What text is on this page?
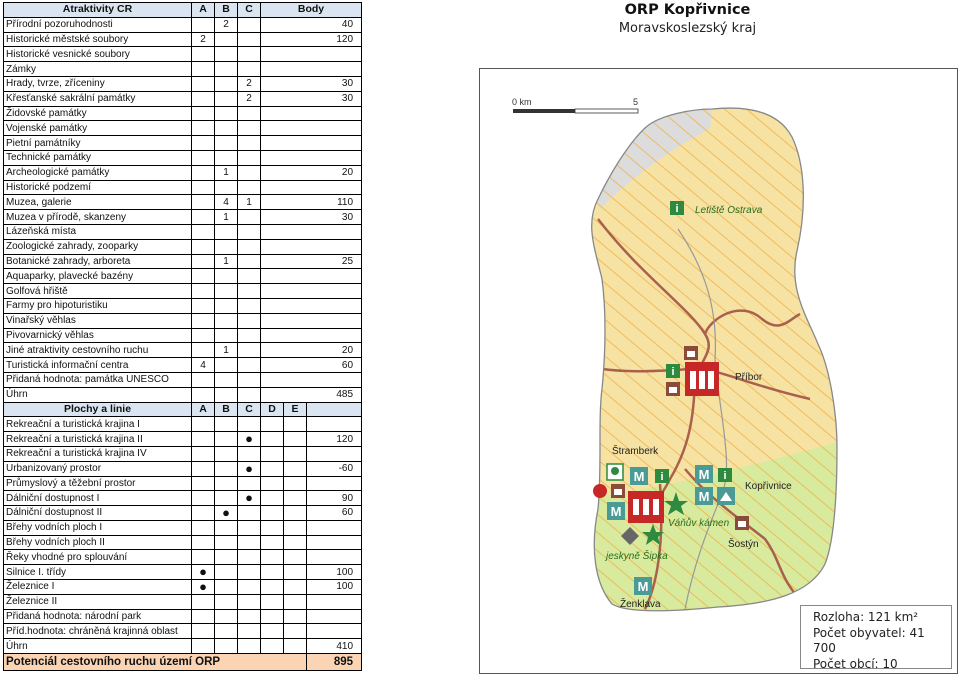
Atraktivity CR	A	B	C	Body		
Přírodní pozoruhodnosti		2		40		
Historické městské soubory	2			120		
Historické vesnické soubory						
Zámky						
Hrady, tvrze, zříceniny			2	30		
Křesťanské sakrální památky			2	30		
Židovské památky						
Vojenské památky						
Pietní památníky						
Technické památky						
Archeologické památky		1		20		
Historické podzemí						
Muzea, galerie		4	1	110		
Muzea v přírodě, skanzeny		1		30		
Lázeňská místa						
Zoologické zahrady, zooparky						
Botanické zahrady, arboreta		1		25		
Aquaparky, plavecké bazény						
Golfová hřiště						
Farmy pro hipoturistiku						
Vinařský věhlas						
Pivovarnický věhlas						
Jiné atraktivity cestovního ruchu		1		20		
Turistická informační centra	4			60		
Přidaná hodnota: památka UNESCO						
Úhrn				485		
Plochy a linie	A	B	C	D	E	
Rekreační a turistická krajina I						
Rekreační a turistická krajina II			●			120
Rekreační a turistická krajina IV						
Urbanizovaný prostor			●			-60
Průmyslový a těžební prostor						
Dálniční dostupnost I			●			90
Dálniční dostupnost II		●				60
Břehy vodních ploch I						
Břehy vodních ploch II						
Řeky vhodné pro splouvání						
Silnice I. třídy	●					100
Železnice I	●					100
Železnice II						
Přidaná hodnota: národní park						
Příd.hodnota: chráněná krajinná oblast						
Úhrn						410
Potenciál cestovního ruchu území ORP						895
ORP Kopřivnice
Moravskoslezský kraj
0 km	5
i Letiště Ostrava
i	Příbor
Štramberk
M i
M
Váňův kámen
jeskyně Šipka
M i
M
Kopřivnice
Šostýn
M
Ženklava
Rozloha: 121 km²
Počet obyvatel: 41 700
Počet obcí: 10
